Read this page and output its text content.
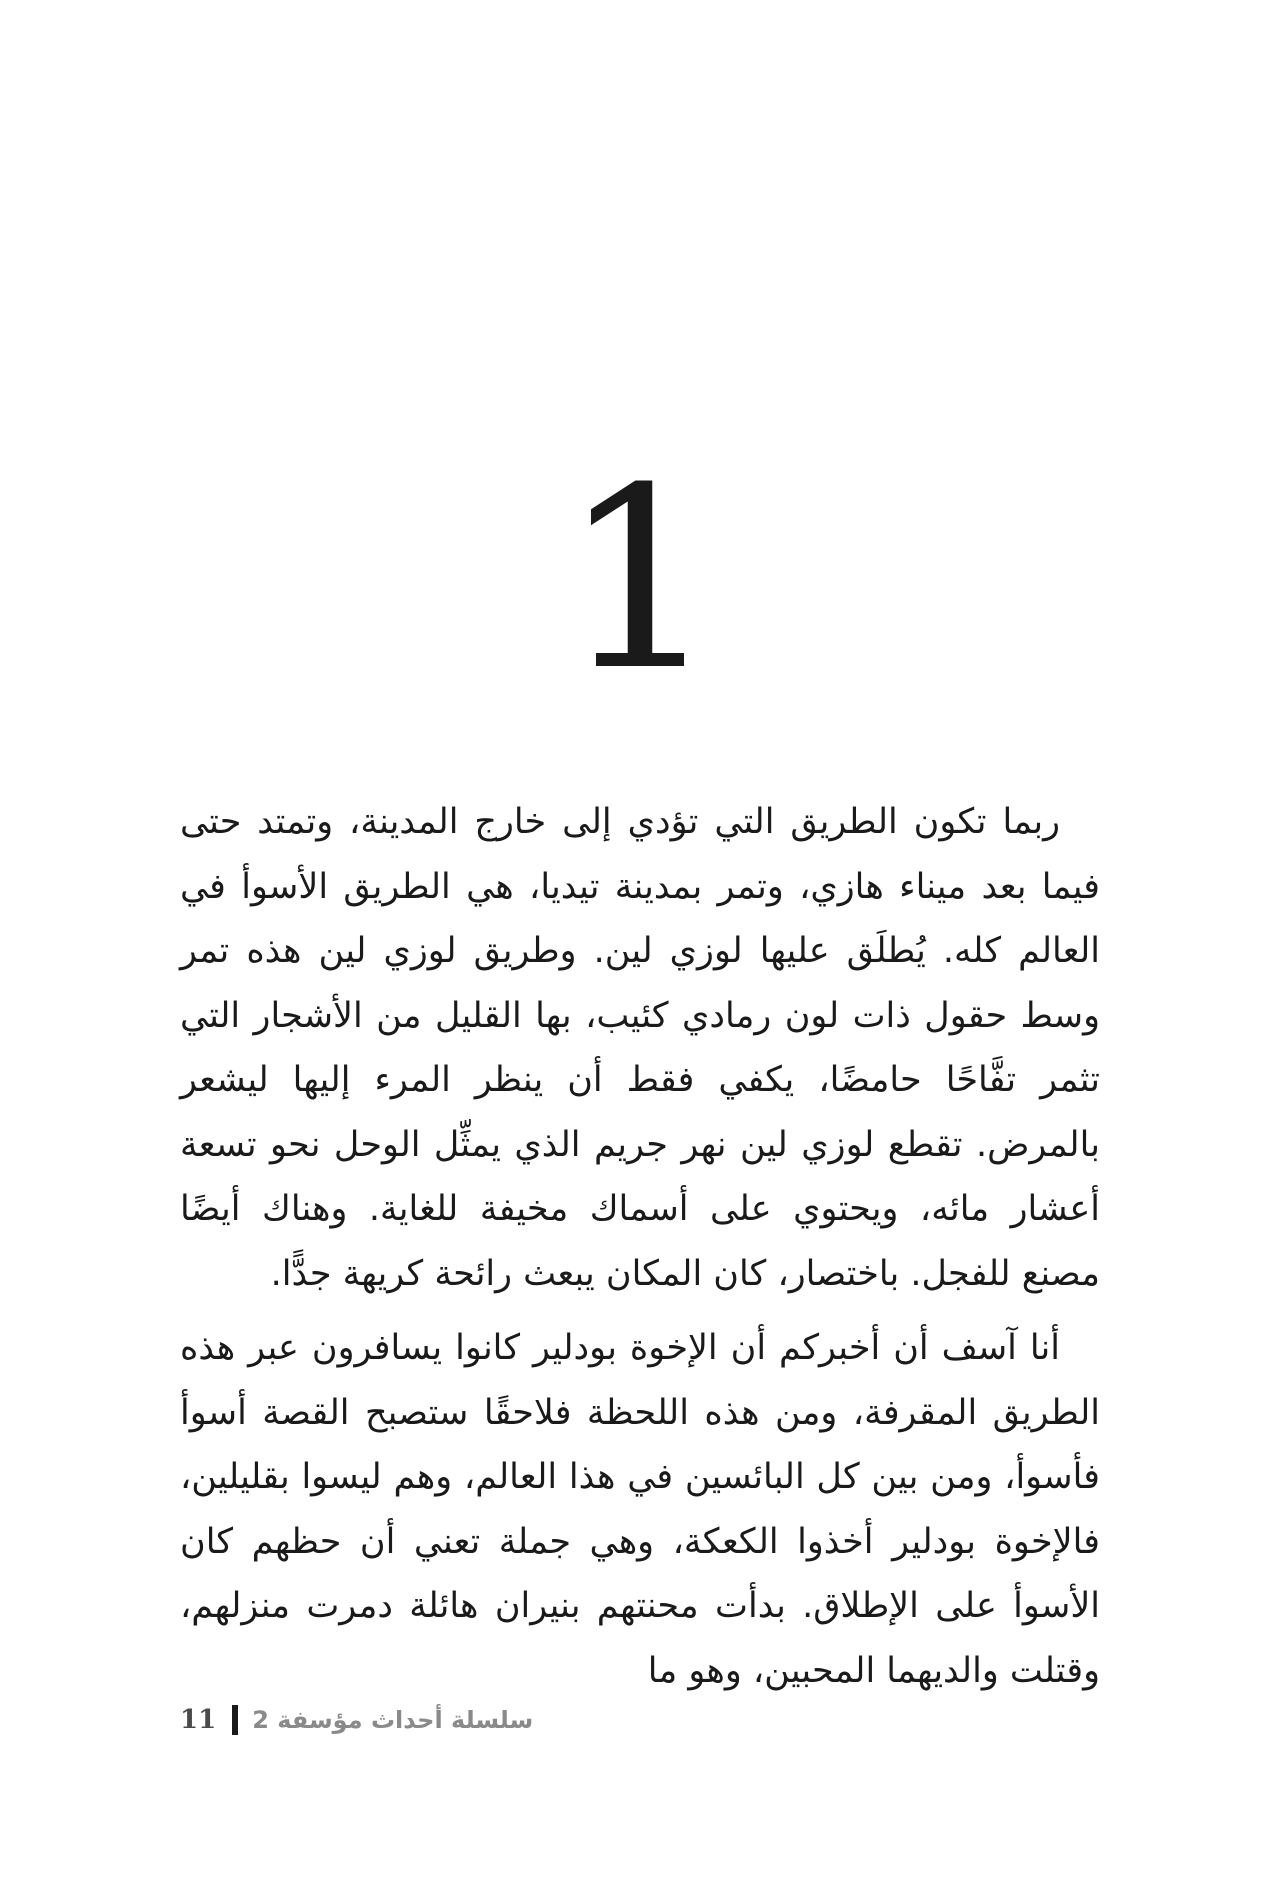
1

ربما تكون الطريق التي تؤدي إلى خارج المدينة، وتمتد حتى فيما بعد ميناء هازي، وتمر بمدينة تيديا، هي الطريق الأسوأ في العالم كله. يُطلَق عليها لوزي لين. وطريق لوزي لين هذه تمر وسط حقول ذات لون رمادي كئيب، بها القليل من الأشجار التي تثمر تفَّاحًا حامضًا، يكفي فقط أن ينظر المرء إليها ليشعر بالمرض. تقطع لوزي لين نهر جريم الذي يمثِّل الوحل نحو تسعة أعشار مائه، ويحتوي على أسماك مخيفة للغاية. وهناك أيضًا مصنع للفجل. باختصار، كان المكان يبعث رائحة كريهة جدًّا.

أنا آسف أن أخبركم أن الإخوة بودلير كانوا يسافرون عبر هذه الطريق المقرفة، ومن هذه اللحظة فلاحقًا ستصبح القصة أسوأ فأسوأ، ومن بين كل البائسين في هذا العالم، وهم ليسوا بقليلين، فالإخوة بودلير أخذوا الكعكة، وهي جملة تعني أن حظهم كان الأسوأ على الإطلاق. بدأت محنتهم بنيران هائلة دمرت منزلهم، وقتلت والديهما المحبين، وهو ما

11 سلسلة أحداث مؤسفة 2
